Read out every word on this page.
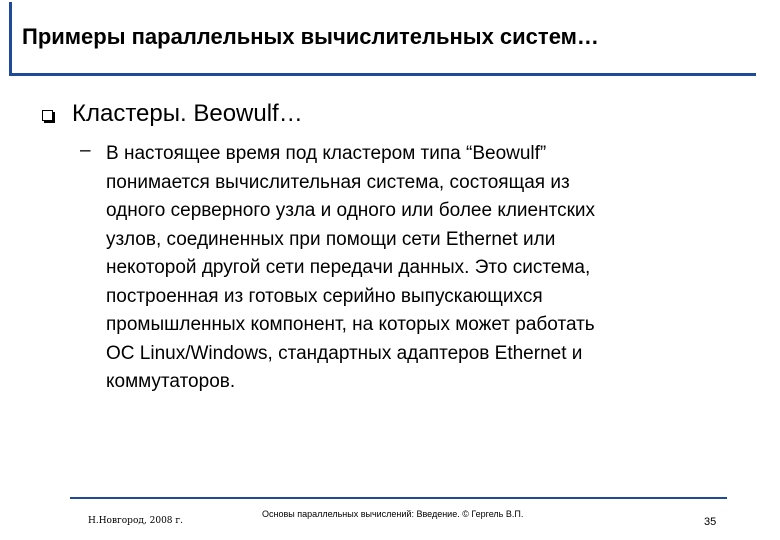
Примеры параллельных вычислительных систем…
Кластеры. Beowulf…
– В настоящее время под кластером типа “Beowulf”
понимается вычислительная система, состоящая из
одного серверного узла и одного или более клиентских
узлов, соединенных при помощи сети Ethernet или
некоторой другой сети передачи данных. Это система,
построенная из готовых серийно выпускающихся
промышленных компонент, на которых может работать
ОС Linux/Windows, стандартных адаптеров Ethernet и
коммутаторов.
Н.Новгород, 2008 г.
Основы параллельных вычислений: Введение. © Гергель В.П.
35
